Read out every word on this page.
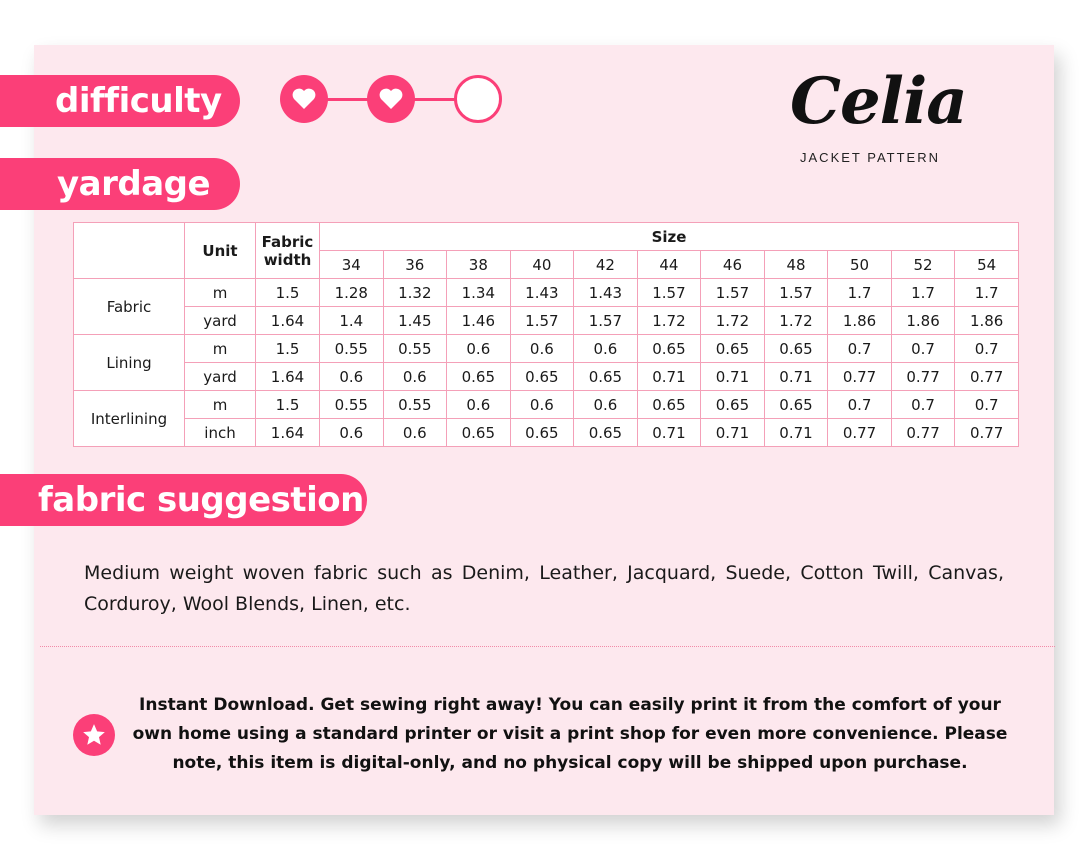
difficulty	Celia
JACKET PATTERN
yardage
	Unit	Fabric width	Size										
			34	36	38	40	42	44	46	48	50	52	54
Fabric	m	1.5	1.28	1.32	1.34	1.43	1.43	1.57	1.57	1.57	1.7	1.7	1.7
	yard	1.64	1.4	1.45	1.46	1.57	1.57	1.72	1.72	1.72	1.86	1.86	1.86
Lining	m	1.5	0.55	0.55	0.6	0.6	0.6	0.65	0.65	0.65	0.7	0.7	0.7
	yard	1.64	0.6	0.6	0.65	0.65	0.65	0.71	0.71	0.71	0.77	0.77	0.77
Interlining	m	1.5	0.55	0.55	0.6	0.6	0.6	0.65	0.65	0.65	0.7	0.7	0.7
	inch	1.64	0.6	0.6	0.65	0.65	0.65	0.71	0.71	0.71	0.77	0.77	0.77
fabric suggestion

Medium weight woven fabric such as Denim, Leather, Jacquard, Suede, Cotton Twill, Canvas, Corduroy, Wool Blends, Linen, etc.

Instant Download. Get sewing right away! You can easily print it from the comfort of your own home using a standard printer or visit a print shop for even more convenience. Please note, this item is digital-only, and no physical copy will be shipped upon purchase.
